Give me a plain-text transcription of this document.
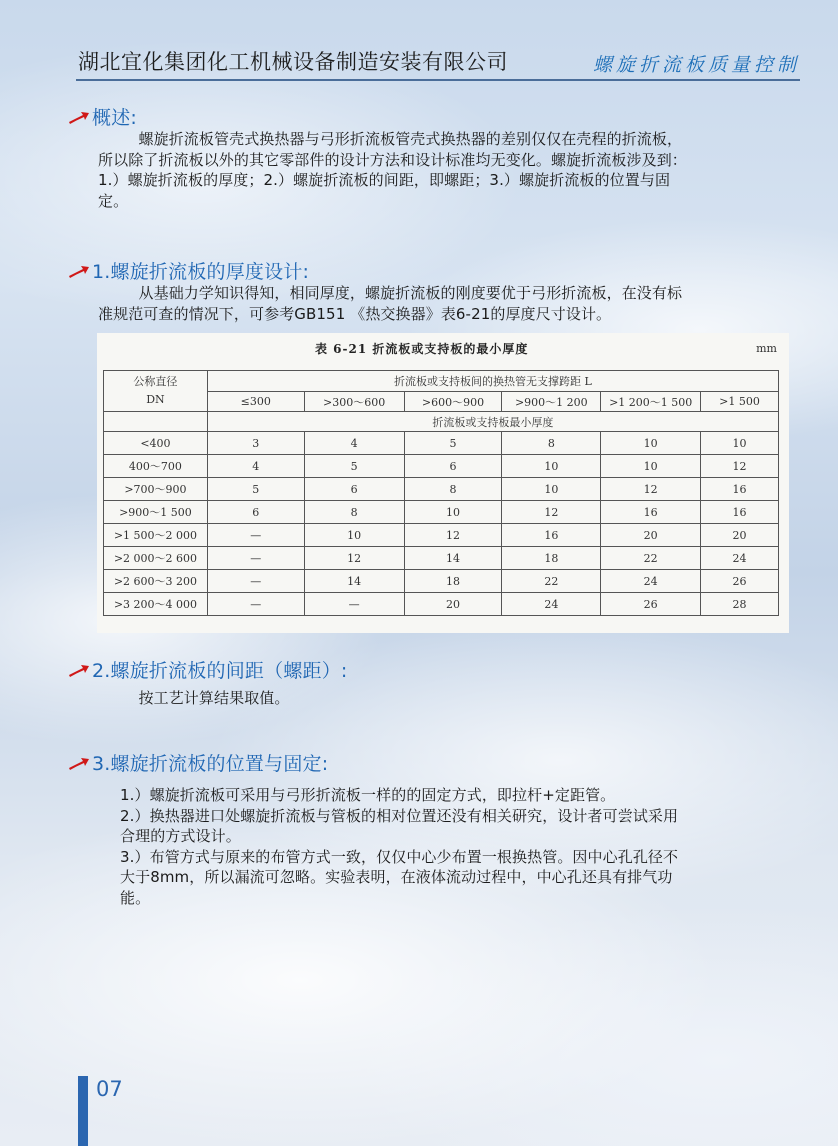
湖北宜化集团化工机械设备制造安装有限公司	螺旋折流板质量控制
概述:

螺旋折流板管壳式换热器与弓形折流板管壳式换热器的差别仅仅在壳程的折流板，

所以除了折流板以外的其它零部件的设计方法和设计标准均无变化。螺旋折流板涉及到：

1.）螺旋折流板的厚度；2.）螺旋折流板的间距，即螺距；3.）螺旋折流板的位置与固

定。

1.螺旋折流板的厚度设计:

从基础力学知识得知，相同厚度，螺旋折流板的刚度要优于弓形折流板，在没有标

准规范可查的情况下，可参考GB151 《热交换器》表6-21的厚度尺寸设计。

表 6-21 折流板或支持板的最小厚度	mm
公称直径
DN	折流板或支持板间的换热管无支撑跨距 L					
	≤300	>300～600	>600～900	>900～1 200	>1 200～1 500	>1 500
	折流板或支持板最小厚度					
<400	3	4	5	8	10	10
400～700	4	5	6	10	10	12
>700～900	5	6	8	10	12	16
>900～1 500	6	8	10	12	16	16
>1 500～2 000	—	10	12	16	20	20
>2 000～2 600	—	12	14	18	22	24
>2 600～3 200	—	14	18	22	24	26
>3 200～4 000	—	—	20	24	26	28
2.螺旋折流板的间距（螺距）:

按工艺计算结果取值。

3.螺旋折流板的位置与固定:

1.）螺旋折流板可采用与弓形折流板一样的的固定方式，即拉杆+定距管。

2.）换热器进口处螺旋折流板与管板的相对位置还没有相关研究，设计者可尝试采用

合理的方式设计。

3.）布管方式与原来的布管方式一致，仅仅中心少布置一根换热管。因中心孔孔径不

大于8mm，所以漏流可忽略。实验表明，在液体流动过程中，中心孔还具有排气功

能。

07
